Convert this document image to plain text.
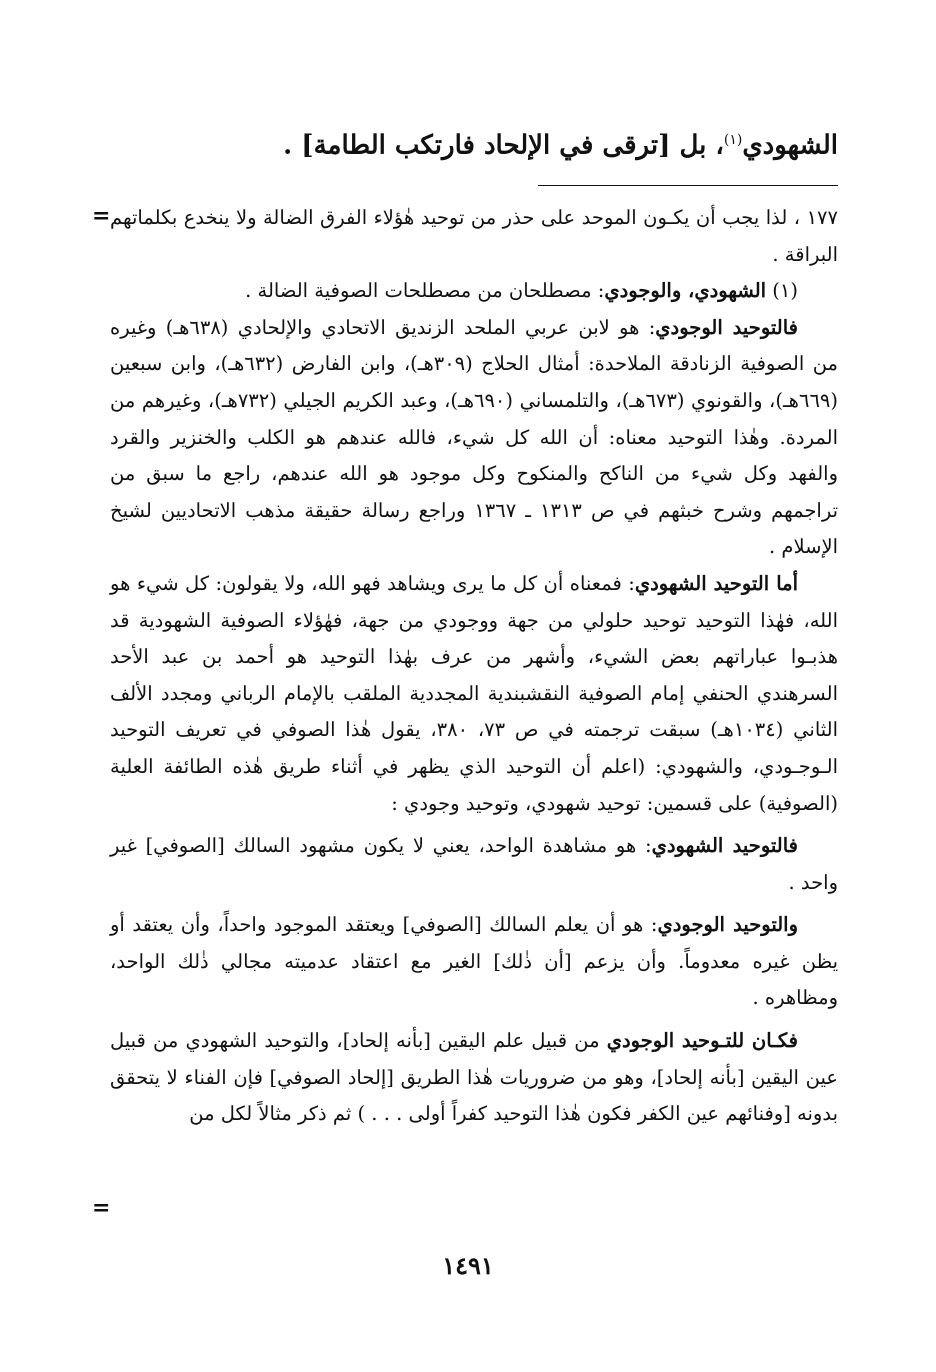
الشهودي$^{(١)}$، بل [ترقى في الإلحاد فارتكب الطامة] .
= ١٧٧ ، لذا يجب أن يكـون الموحد على حذر من توحيد هٰؤلاء الفرق الضالة ولا ينخدع بكلماتهم البراقة .

(١) الشهودي، والوجودي: مصطلحان من مصطلحات الصوفية الضالة .

فالتوحيد الوجودي: هو لابن عربي الملحد الزنديق الاتحادي والإلحادي (٦٣٨هـ) وغيره من الصوفية الزنادقة الملاحدة: أمثال الحلاج (٣٠٩هـ)، وابن الفارض (٦٣٢هـ)، وابن سبعين (٦٦٩هـ)، والقونوي (٦٧٣هـ)، والتلمساني (٦٩٠هـ)، وعبد الكريم الجيلي (٧٣٢هـ)، وغيرهم من المردة. وهٰذا التوحيد معناه: أن الله كل شيء، فالله عندهم هو الكلب والخنزير والقرد والفهد وكل شيء من الناكح والمنكوح وكل موجود هو الله عندهم، راجع ما سبق من تراجمهم وشرح خبثهم في ص ١٣١٣ ـ ١٣٦٧ وراجع رسالة حقيقة مذهب الاتحاديين لشيخ الإسلام .

أما التوحيد الشهودي: فمعناه أن كل ما يرى ويشاهد فهو الله، ولا يقولون: كل شيء هو الله، فهٰذا التوحيد توحيد حلولي من جهة ووجودي من جهة، فهٰؤلاء الصوفية الشهودية قد هذبـوا عباراتهم بعض الشيء، وأشهر من عرف بهٰذا التوحيد هو أحمد بن عبد الأحد السرهندي الحنفي إمام الصوفية النقشبندية المجددية الملقب بالإمام الرباني ومجدد الألف الثاني (١٠٣٤هـ) سبقت ترجمته في ص ٧٣، ٣٨٠، يقول هٰذا الصوفي في تعريف التوحيد الـوجـودي، والشهودي: (اعلم أن التوحيد الذي يظهر في أثناء طريق هٰذه الطائفة العلية (الصوفية) على قسمين: توحيد شهودي، وتوحيد وجودي :

فالتوحيد الشهودي: هو مشاهدة الواحد، يعني لا يكون مشهود السالك [الصوفي] غير واحد .

والتوحيد الوجودي: هو أن يعلم السالك [الصوفي] ويعتقد الموجود واحداً، وأن يعتقد أو يظن غيره معدوماً. وأن يزعم [أن ذٰلك] الغير مع اعتقاد عدميته مجالي ذٰلك الواحد، ومظاهره .

فكـان للتـوحيد الوجودي من قبيل علم اليقين [بأنه إلحاد]، والتوحيد الشهودي من قبيل عين اليقين [بأنه إلحاد]، وهو من ضروريات هٰذا الطريق [إلحاد الصوفي] فإن الفناء لا يتحقق بدونه [وفنائهم عين الكفر فكون هٰذا التوحيد كفراً أولى . . . ) ثم ذكر مثالاً لكل من

=
١٤٩١
